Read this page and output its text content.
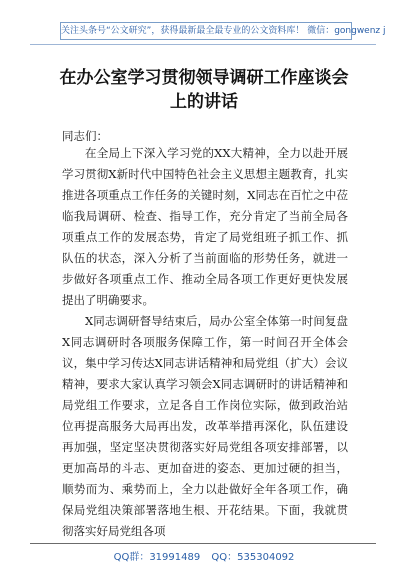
关注头条号“公文研究”，获得最新最全最专业的公文资料库！ 微信：gongwenz j
在办公室学习贯彻领导调研工作座谈会上的讲话
同志们：

在全局上下深入学习党的XX大精神，全力以赴开展学习贯彻X新时代中国特色社会主义思想主题教育，扎实推进各项重点工作任务的关键时刻，X同志在百忙之中莅临我局调研、检查、指导工作，充分肯定了当前全局各项重点工作的发展态势，肯定了局党组班子抓工作、抓队伍的状态，深入分析了当前面临的形势任务，就进一步做好各项重点工作、推动全局各项工作更好更快发展提出了明确要求。

X同志调研督导结束后，局办公室全体第一时间复盘X同志调研时各项服务保障工作，第一时间召开全体会议，集中学习传达X同志讲话精神和局党组（扩大）会议精神，要求大家认真学习领会X同志调研时的讲话精神和局党组工作要求，立足各自工作岗位实际，做到政治站位再提高服务大局再出发，改革举措再深化，队伍建设再加强，坚定坚决贯彻落实好局党组各项安排部署，以更加高昂的斗志、更加奋进的姿态、更加过硬的担当，顺势而为、乘势而上，全力以赴做好全年各项工作，确保局党组决策部署落地生根、开花结果。下面，我就贯彻落实好局党组各项

QQ群：31991489 QQ：535304092
